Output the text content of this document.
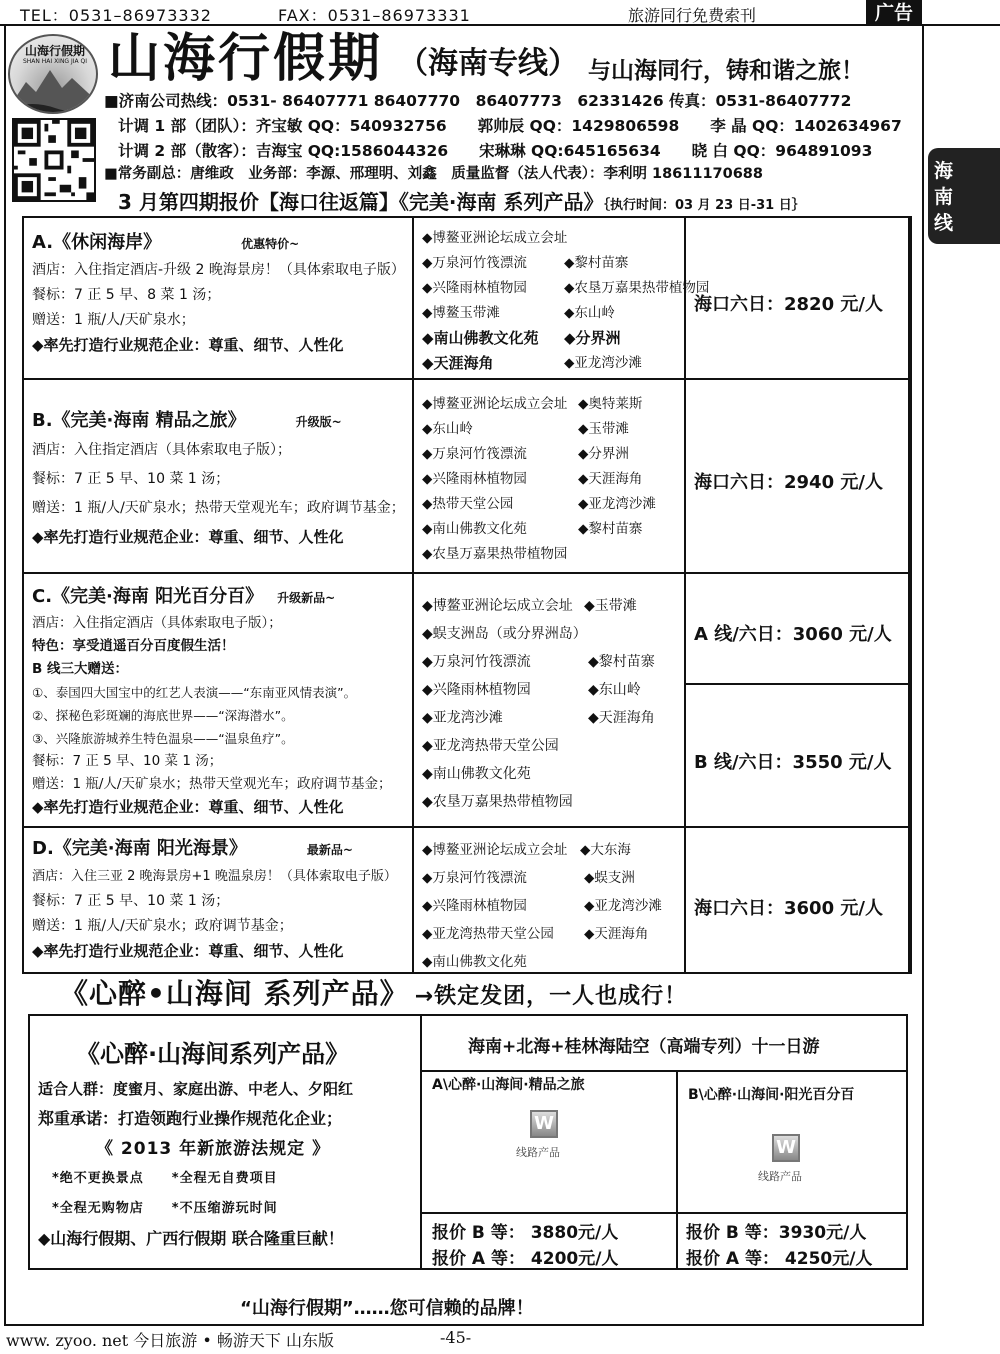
TEL：0531–86973332	FAX：0531–86973331	旅游同行免费索刊	广告
海
南
线
山海行假期
SHAN HAI XING JIA QI 山海行假期 （海南专线） 与山海同行，铸和谐之旅！
■济南公司热线：0531- 86407771 86407770　86407773　62331426 传真：0531-86407772
计调 1 部（团队）：齐宝敏 QQ：540932756　　郭帅辰 QQ：1429806598　　李 晶 QQ：1402634967
计调 2 部（散客）：吉海宝 QQ:1586044326　　宋琳琳 QQ:645165634　　晓 白 QQ：964891093
■常务副总：唐维政　业务部：李源、邢理明、刘鑫　质量监督（法人代表）：李利明 18611170688
3 月第四期报价【海口往返篇】《完美·海南 系列产品》｛执行时间：03 月 23 日-31 日｝
A.《休闲海岸》	优惠特价~
酒店：入住指定酒店-升级 2 晚海景房！（具体索取电子版）
餐标：7 正 5 早、8 菜 1 汤；
赠送：1 瓶/人/天矿泉水；
◆率先打造行业规范企业：尊重、细节、人性化
◆博鳌亚洲论坛成立会址
◆万泉河竹筏漂流	◆黎村苗寨
◆兴隆雨林植物园	◆农垦万嘉果热带植物园
◆博鳌玉带滩	◆东山岭
◆南山佛教文化苑 ◆分界洲
◆天涯海角	◆亚龙湾沙滩
海口六日：2820 元/人
B.《完美·海南 精品之旅》	升级版~
酒店：入住指定酒店（具体索取电子版）；
餐标：7 正 5 早、10 菜 1 汤；
赠送：1 瓶/人/天矿泉水；热带天堂观光车；政府调节基金；
◆率先打造行业规范企业：尊重、细节、人性化
◆博鳌亚洲论坛成立会址 ◆奥特莱斯
◆东山岭	◆玉带滩
◆万泉河竹筏漂流	◆分界洲
◆兴隆雨林植物园	◆天涯海角
◆热带天堂公园	◆亚龙湾沙滩
◆南山佛教文化苑	◆黎村苗寨
◆农垦万嘉果热带植物园
海口六日：2940 元/人
C.《完美·海南 阳光百分百》 升级新品~
酒店：入住指定酒店（具体索取电子版）；
特色：享受逍遥百分百度假生活！
B 线三大赠送：
①、泰国四大国宝中的红艺人表演——“东南亚风情表演”。
②、探秘色彩斑斓的海底世界——“深海潜水”。
③、兴隆旅游城养生特色温泉——“温泉鱼疗”。
餐标：7 正 5 早、10 菜 1 汤；
赠送：1 瓶/人/天矿泉水；热带天堂观光车；政府调节基金；
◆率先打造行业规范企业：尊重、细节、人性化
◆博鳌亚洲论坛成立会址 ◆玉带滩
◆蜈支洲岛（或分界洲岛）
◆万泉河竹筏漂流	◆黎村苗寨
◆兴隆雨林植物园	◆东山岭
◆亚龙湾沙滩	◆天涯海角
◆亚龙湾热带天堂公园
◆南山佛教文化苑
◆农垦万嘉果热带植物园
A 线/六日：3060 元/人
B 线/六日：3550 元/人
D.《完美·海南 阳光海景》	最新品~
酒店：入住三亚 2 晚海景房+1 晚温泉房！（具体索取电子版）
餐标：7 正 5 早、10 菜 1 汤；
赠送：1 瓶/人/天矿泉水；政府调节基金；
◆率先打造行业规范企业：尊重、细节、人性化
◆博鳌亚洲论坛成立会址 ◆大东海
◆万泉河竹筏漂流	◆蜈支洲
◆兴隆雨林植物园	◆亚龙湾沙滩
◆亚龙湾热带天堂公园 ◆天涯海角
◆南山佛教文化苑
海口六日：3600 元/人
《心醉•山海间 系列产品》 →铁定发团，一人也成行！
《心醉·山海间系列产品》
适合人群：度蜜月、家庭出游、中老人、夕阳红
郑重承诺：打造领跑行业操作规范化企业；
《 2013 年新旅游法规定 》
*绝不更换景点　　*全程无自费项目
*全程无购物店　　*不压缩游玩时间
◆山海行假期、广西行假期 联合隆重巨献！
海南+北海+桂林海陆空（高端专列）十一日游
A\心醉·山海间·精品之旅
W
线路产品
报价 B 等： 3880元/人
报价 A 等： 4200元/人
B\心醉·山海间·阳光百分百
W
线路产品
报价 B 等：3930元/人
报价 A 等： 4250元/人
“山海行假期”……您可信赖的品牌！
www. zyoo. net 今日旅游 • 畅游天下 山东版	-45-
